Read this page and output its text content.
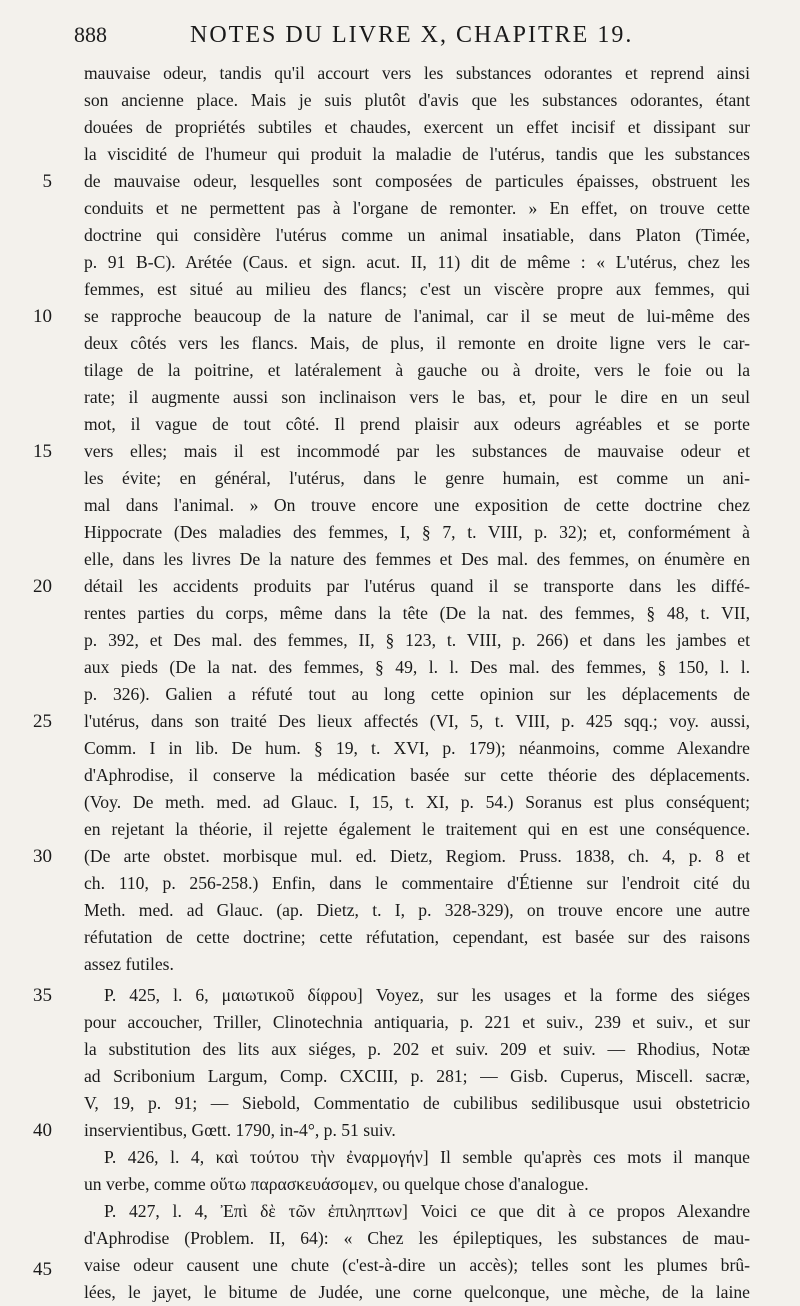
888	NOTES DU LIVRE X, CHAPITRE 19.
5
10
15
20
25
30
35
40
45
mauvaise odeur, tandis qu'il accourt vers les substances odorantes et reprend ainsi
son ancienne place. Mais je suis plutôt d'avis que les substances odorantes, étant
douées de propriétés subtiles et chaudes, exercent un effet incisif et dissipant sur
la viscidité de l'humeur qui produit la maladie de l'utérus, tandis que les substances
de mauvaise odeur, lesquelles sont composées de particules épaisses, obstruent les
conduits et ne permettent pas à l'organe de remonter. » En effet, on trouve cette
doctrine qui considère l'utérus comme un animal insatiable, dans Platon (Timée,
p. 91 B-C). Arétée (Caus. et sign. acut. II, 11) dit de même : « L'utérus, chez les
femmes, est situé au milieu des flancs; c'est un viscère propre aux femmes, qui
se rapproche beaucoup de la nature de l'animal, car il se meut de lui-même des
deux côtés vers les flancs. Mais, de plus, il remonte en droite ligne vers le car-
tilage de la poitrine, et latéralement à gauche ou à droite, vers le foie ou la
rate; il augmente aussi son inclinaison vers le bas, et, pour le dire en un seul
mot, il vague de tout côté. Il prend plaisir aux odeurs agréables et se porte
vers elles; mais il est incommodé par les substances de mauvaise odeur et
les évite; en général, l'utérus, dans le genre humain, est comme un ani-
mal dans l'animal. » On trouve encore une exposition de cette doctrine chez
Hippocrate (Des maladies des femmes, I, § 7, t. VIII, p. 32); et, conformément à
elle, dans les livres De la nature des femmes et Des mal. des femmes, on énumère en
détail les accidents produits par l'utérus quand il se transporte dans les diffé-
rentes parties du corps, même dans la tête (De la nat. des femmes, § 48, t. VII,
p. 392, et Des mal. des femmes, II, § 123, t. VIII, p. 266) et dans les jambes et
aux pieds (De la nat. des femmes, § 49, l. l. Des mal. des femmes, § 150, l. l.
p. 326). Galien a réfuté tout au long cette opinion sur les déplacements de
l'utérus, dans son traité Des lieux affectés (VI, 5, t. VIII, p. 425 sqq.; voy. aussi,
Comm. I in lib. De hum. § 19, t. XVI, p. 179); néanmoins, comme Alexandre
d'Aphrodise, il conserve la médication basée sur cette théorie des déplacements.
(Voy. De meth. med. ad Glauc. I, 15, t. XI, p. 54.) Soranus est plus conséquent;
en rejetant la théorie, il rejette également le traitement qui en est une conséquence.
(De arte obstet. morbisque mul. ed. Dietz, Regiom. Pruss. 1838, ch. 4, p. 8 et
ch. 110, p. 256-258.) Enfin, dans le commentaire d'Étienne sur l'endroit cité du
Meth. med. ad Glauc. (ap. Dietz, t. I, p. 328-329), on trouve encore une autre
réfutation de cette doctrine; cette réfutation, cependant, est basée sur des raisons
assez futiles.
P. 425, l. 6, μαιωτικοῦ δίφρου] Voyez, sur les usages et la forme des siéges
pour accoucher, Triller, Clinotechnia antiquaria, p. 221 et suiv., 239 et suiv., et sur
la substitution des lits aux siéges, p. 202 et suiv. 209 et suiv. — Rhodius, Notæ
ad Scribonium Largum, Comp. CXCIII, p. 281; — Gisb. Cuperus, Miscell. sacræ,
V, 19, p. 91; — Siebold, Commentatio de cubilibus sedilibusque usui obstetricio
inservientibus, Gœtt. 1790, in-4°, p. 51 suiv.
P. 426, l. 4, καὶ τούτου τὴν ἐναρμογήν] Il semble qu'après ces mots il manque
un verbe, comme οὕτω παρασκευάσομεν, ou quelque chose d'analogue.
P. 427, l. 4, Ἐπὶ δὲ τῶν ἐπιληπτων] Voici ce que dit à ce propos Alexandre
d'Aphrodise (Problem. II, 64): « Chez les épileptiques, les substances de mau-
vaise odeur causent une chute (c'est-à-dire un accès); telles sont les plumes brû-
lées, le jayet, le bitume de Judée, une corne quelconque, une mèche, de la laine
